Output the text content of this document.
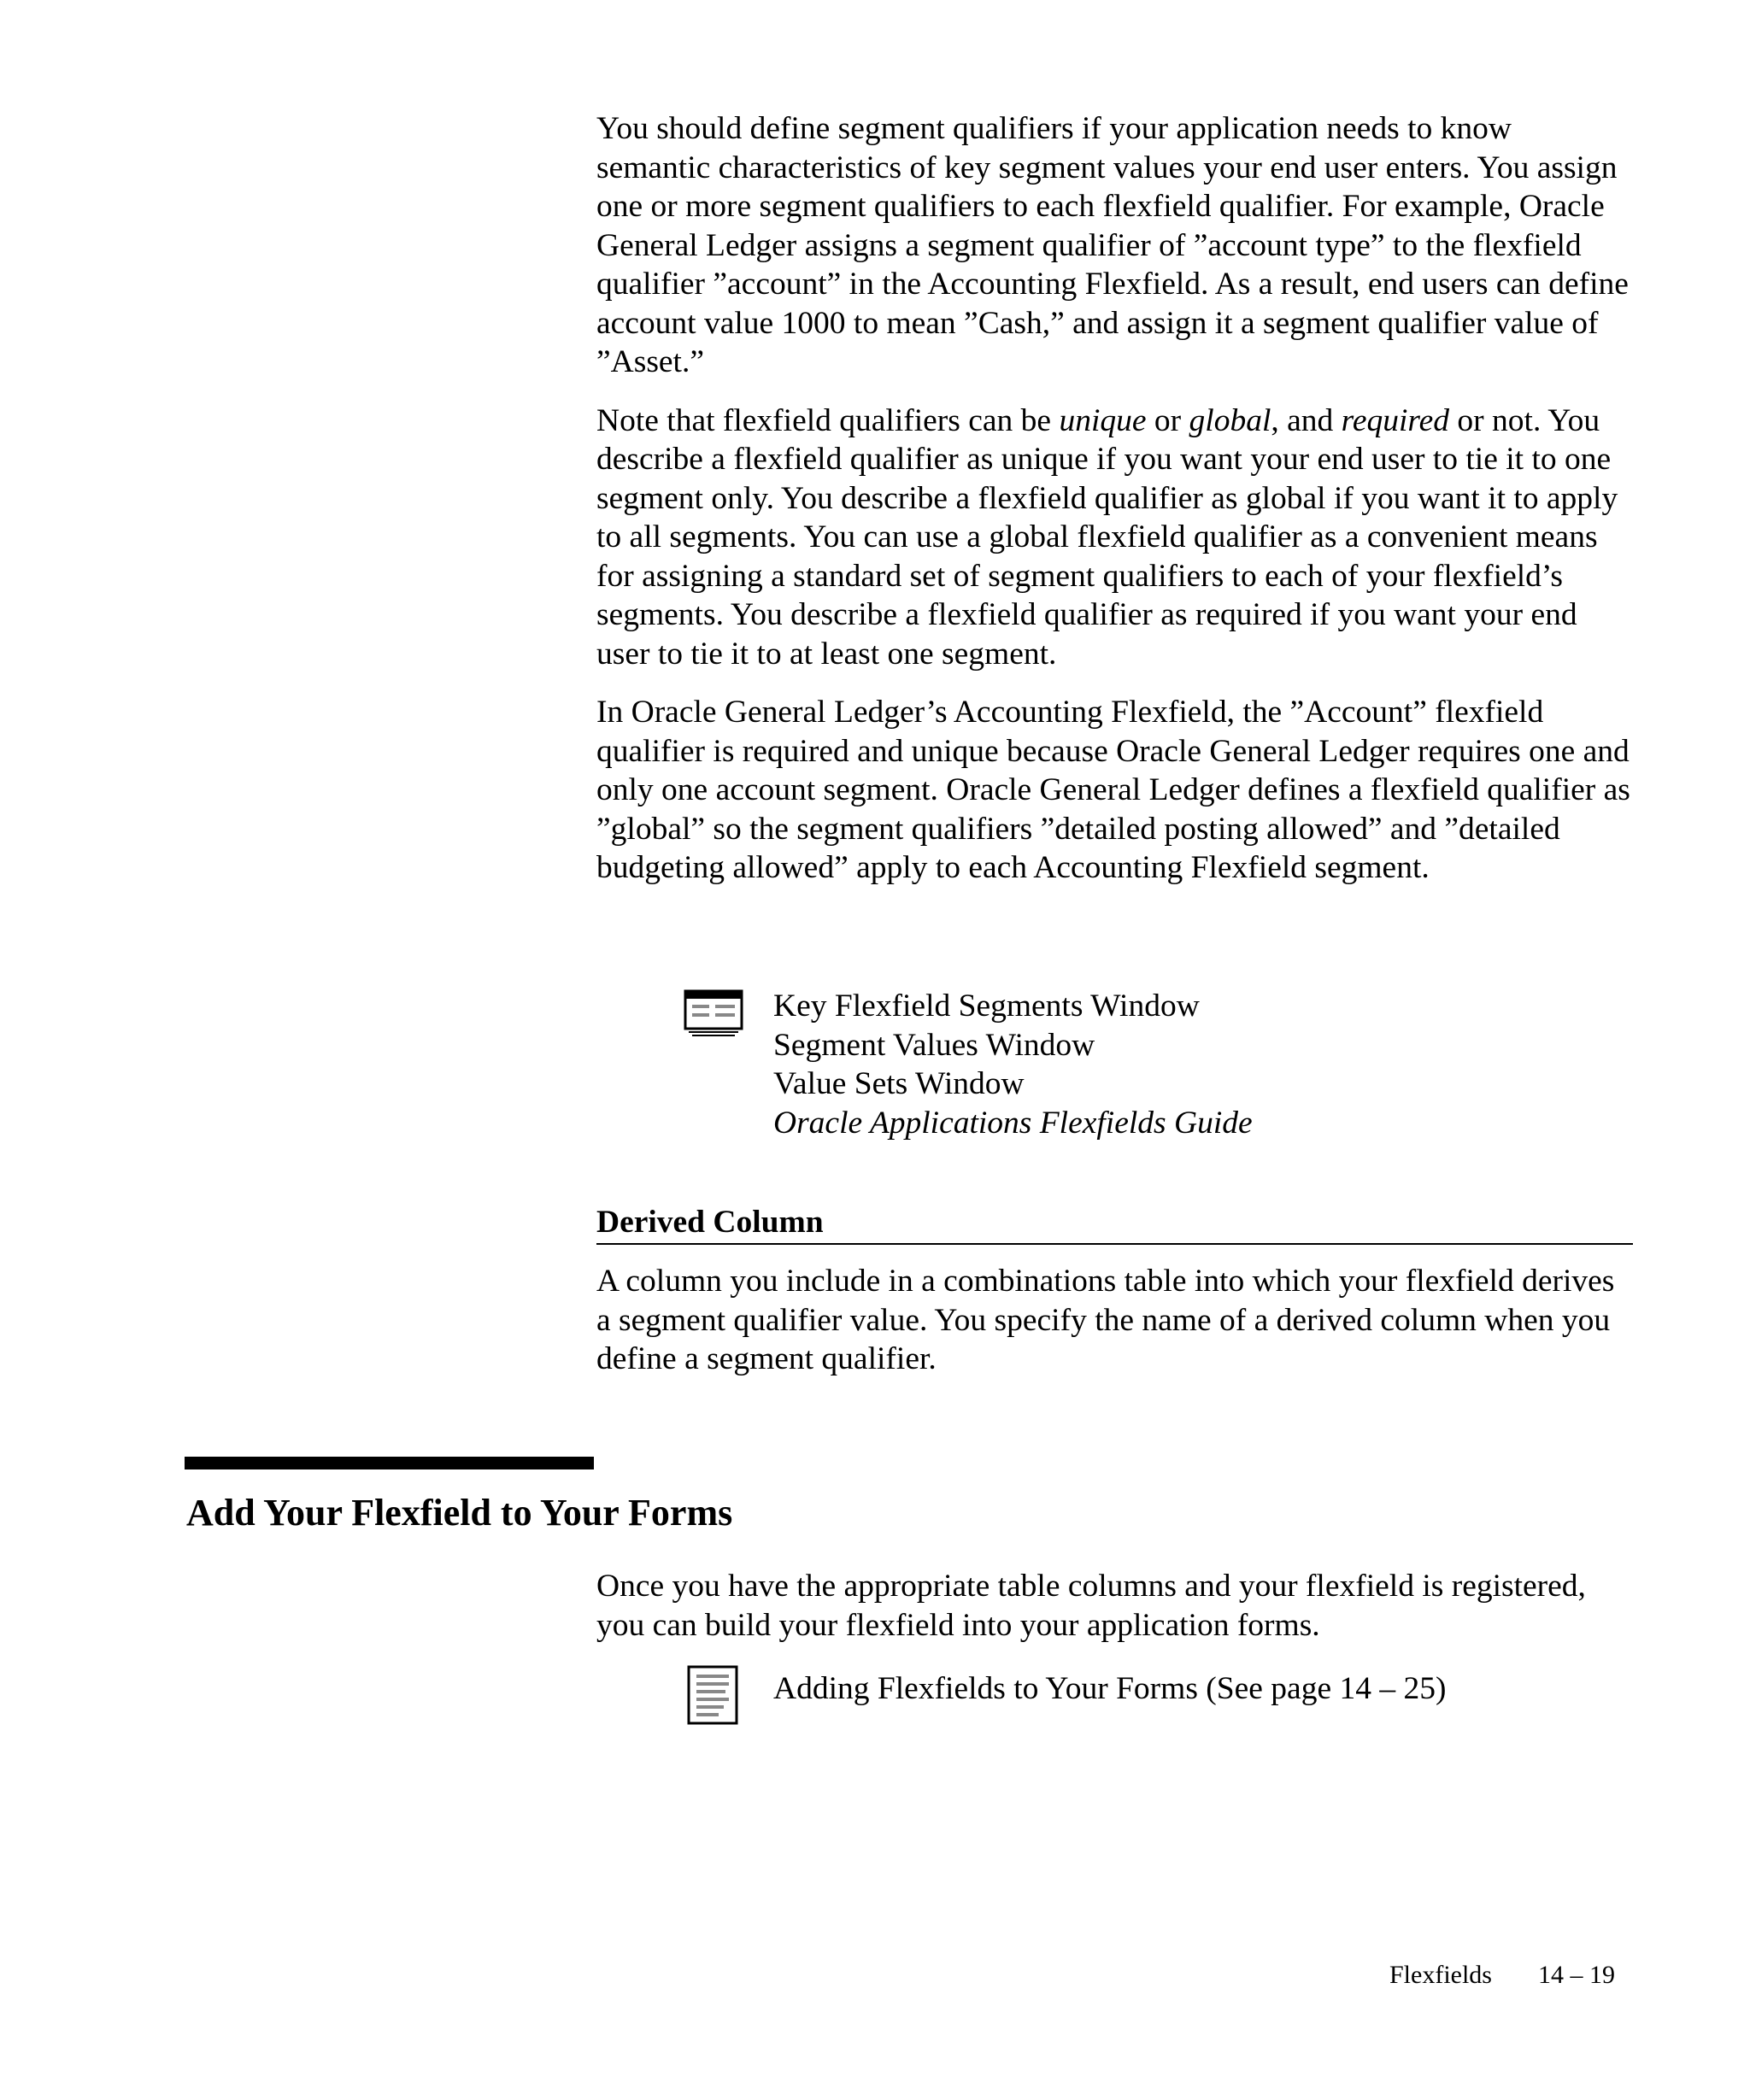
You should define segment qualifiers if your application needs to know semantic characteristics of key segment values your end user enters. You assign one or more segment qualifiers to each flexfield qualifier. For example, Oracle General Ledger assigns a segment qualifier of ”account type” to the flexfield qualifier ”account” in the Accounting Flexfield. As a result, end users can define account value 1000 to mean ”Cash,” and assign it a segment qualifier value of ”Asset.”

Note that flexfield qualifiers can be unique or global, and required or not. You describe a flexfield qualifier as unique if you want your end user to tie it to one segment only. You describe a flexfield qualifier as global if you want it to apply to all segments. You can use a global flexfield qualifier as a convenient means for assigning a standard set of segment qualifiers to each of your flexfield’s segments. You describe a flexfield qualifier as required if you want your end user to tie it to at least one segment.

In Oracle General Ledger’s Accounting Flexfield, the ”Account” flexfield qualifier is required and unique because Oracle General Ledger requires one and only one account segment. Oracle General Ledger defines a flexfield qualifier as ”global” so the segment qualifiers ”detailed posting allowed” and ”detailed budgeting allowed” apply to each Accounting Flexfield segment.

Key Flexfield Segments Window
Segment Values Window
Value Sets Window
Oracle Applications Flexfields Guide
Derived Column

A column you include in a combinations table into which your flexfield derives a segment qualifier value. You specify the name of a derived column when you define a segment qualifier.

Add Your Flexfield to Your Forms

Once you have the appropriate table columns and your flexfield is registered, you can build your flexfield into your application forms.

Adding Flexfields to Your Forms (See page 14 – 25)
Flexfields 14 – 19
